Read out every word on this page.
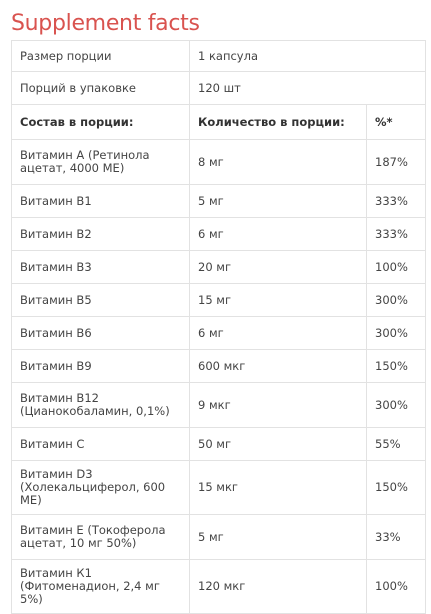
Supplement facts
Размер порции	1 капсула	
Порций в упаковке	120 шт	
Состав в порции:	Количество в порции:	%*
Витамин А (Ретинола ацетат, 4000 МЕ)	8 мг	187%
Витамин В1	5 мг	333%
Витамин В2	6 мг	333%
Витамин В3	20 мг	100%
Витамин В5	15 мг	300%
Витамин В6	6 мг	300%
Витамин В9	600 мкг	150%
Витамин В12 (Цианокобаламин, 0,1%)	9 мкг	300%
Витамин С	50 мг	55%
Витамин D3 (Холекальциферол, 600 МЕ)	15 мкг	150%
Витамин Е (Токоферола ацетат, 10 мг 50%)	5 мг	33%
Витамин К1 (Фитоменадион, 2,4 мг 5%)	120 мкг	100%
